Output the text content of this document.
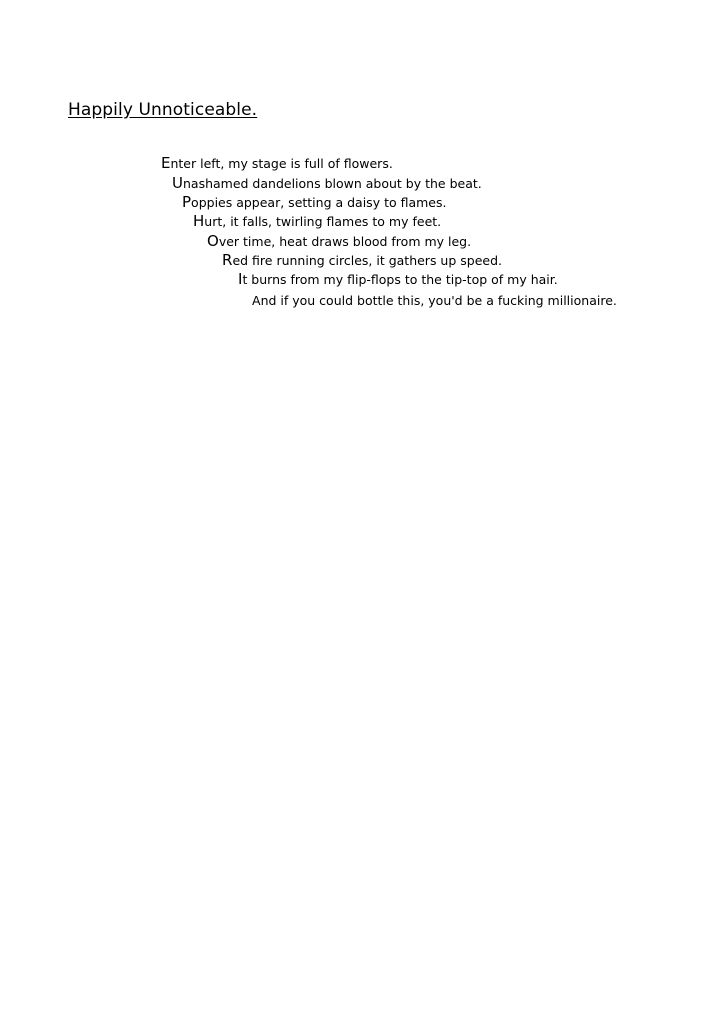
Happily Unnoticeable.
Enter left, my stage is full of flowers.
Unashamed dandelions blown about by the beat.
Poppies appear, setting a daisy to flames.
Hurt, it falls, twirling flames to my feet.
Over time, heat draws blood from my leg.
Red fire running circles, it gathers up speed.
It burns from my flip-flops to the tip-top of my hair.
And if you could bottle this, you'd be a fucking millionaire.
